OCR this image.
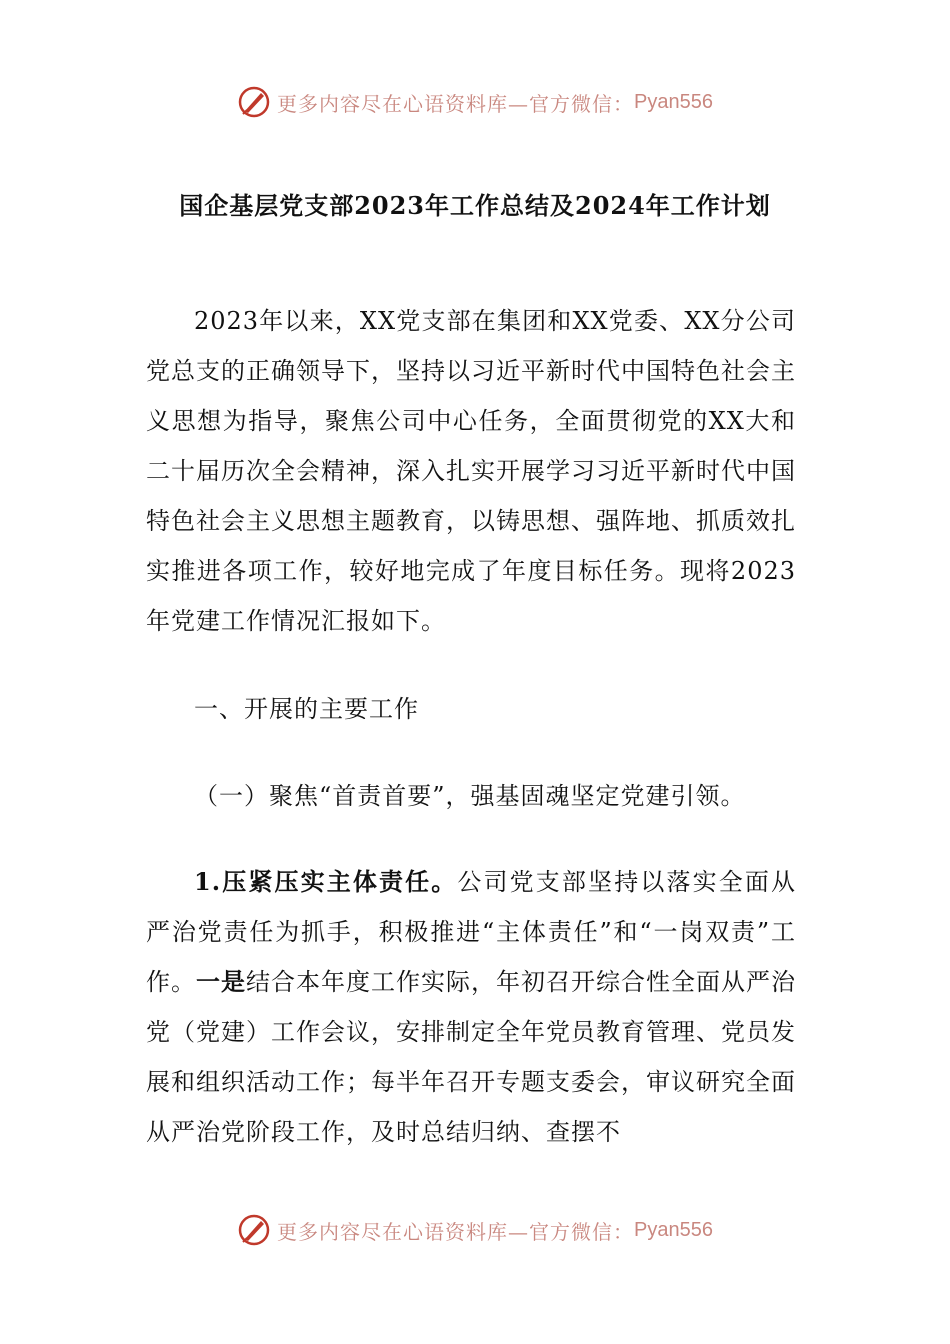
更多内容尽在心语资料库—官方微信： Pyan556
国企基层党支部2023年工作总结及2024年工作计划

2023年以来，XX党支部在集团和XX党委、XX分公司党总支的正确领导下，坚持以习近平新时代中国特色社会主义思想为指导，聚焦公司中心任务，全面贯彻党的XX大和二十届历次全会精神，深入扎实开展学习习近平新时代中国特色社会主义思想主题教育，以铸思想、强阵地、抓质效扎实推进各项工作，较好地完成了年度目标任务。现将2023年党建工作情况汇报如下。

一、开展的主要工作

（一）聚焦“首责首要”，强基固魂坚定党建引领。

1.压紧压实主体责任。公司党支部坚持以落实全面从严治党责任为抓手，积极推进“主体责任”和“一岗双责”工作。一是结合本年度工作实际，年初召开综合性全面从严治党（党建）工作会议，安排制定全年党员教育管理、党员发展和组织活动工作；每半年召开专题支委会，审议研究全面从严治党阶段工作，及时总结归纳、查摆不

更多内容尽在心语资料库—官方微信： Pyan556
